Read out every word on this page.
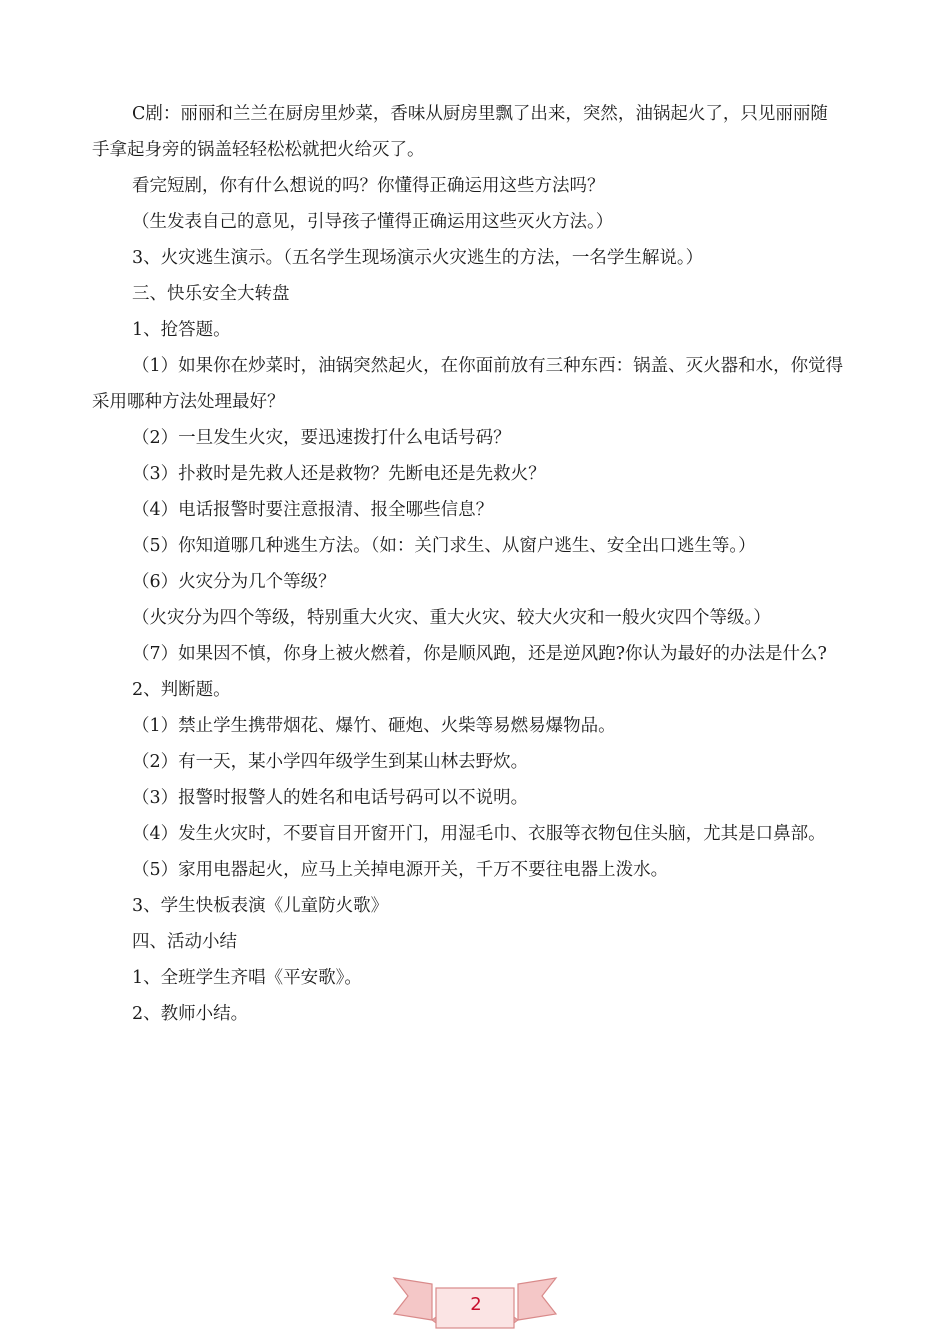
C剧：丽丽和兰兰在厨房里炒菜，香味从厨房里飘了出来，突然，油锅起火了，只见丽丽随
手拿起身旁的锅盖轻轻松松就把火给灭了。
看完短剧，你有什么想说的吗？你懂得正确运用这些方法吗？
（生发表自己的意见，引导孩子懂得正确运用这些灭火方法。）
3、火灾逃生演示。（五名学生现场演示火灾逃生的方法，一名学生解说。）
三、快乐安全大转盘
1、抢答题。
（1）如果你在炒菜时，油锅突然起火，在你面前放有三种东西：锅盖、灭火器和水，你觉得
采用哪种方法处理最好？
（2）一旦发生火灾，要迅速拨打什么电话号码？
（3）扑救时是先救人还是救物？先断电还是先救火？
（4）电话报警时要注意报清、报全哪些信息？
（5）你知道哪几种逃生方法。（如：关门求生、从窗户逃生、安全出口逃生等。）
（6）火灾分为几个等级？
（火灾分为四个等级，特别重大火灾、重大火灾、较大火灾和一般火灾四个等级。）
（7）如果因不慎，你身上被火燃着，你是顺风跑，还是逆风跑?你认为最好的办法是什么?
2、判断题。
（1）禁止学生携带烟花、爆竹、砸炮、火柴等易燃易爆物品。
（2）有一天，某小学四年级学生到某山林去野炊。
（3）报警时报警人的姓名和电话号码可以不说明。
（4）发生火灾时，不要盲目开窗开门，用湿毛巾、衣服等衣物包住头脑，尤其是口鼻部。
（5）家用电器起火，应马上关掉电源开关，千万不要往电器上泼水。
3、学生快板表演《儿童防火歌》
四、活动小结
1、全班学生齐唱《平安歌》。
2、教师小结。
2
